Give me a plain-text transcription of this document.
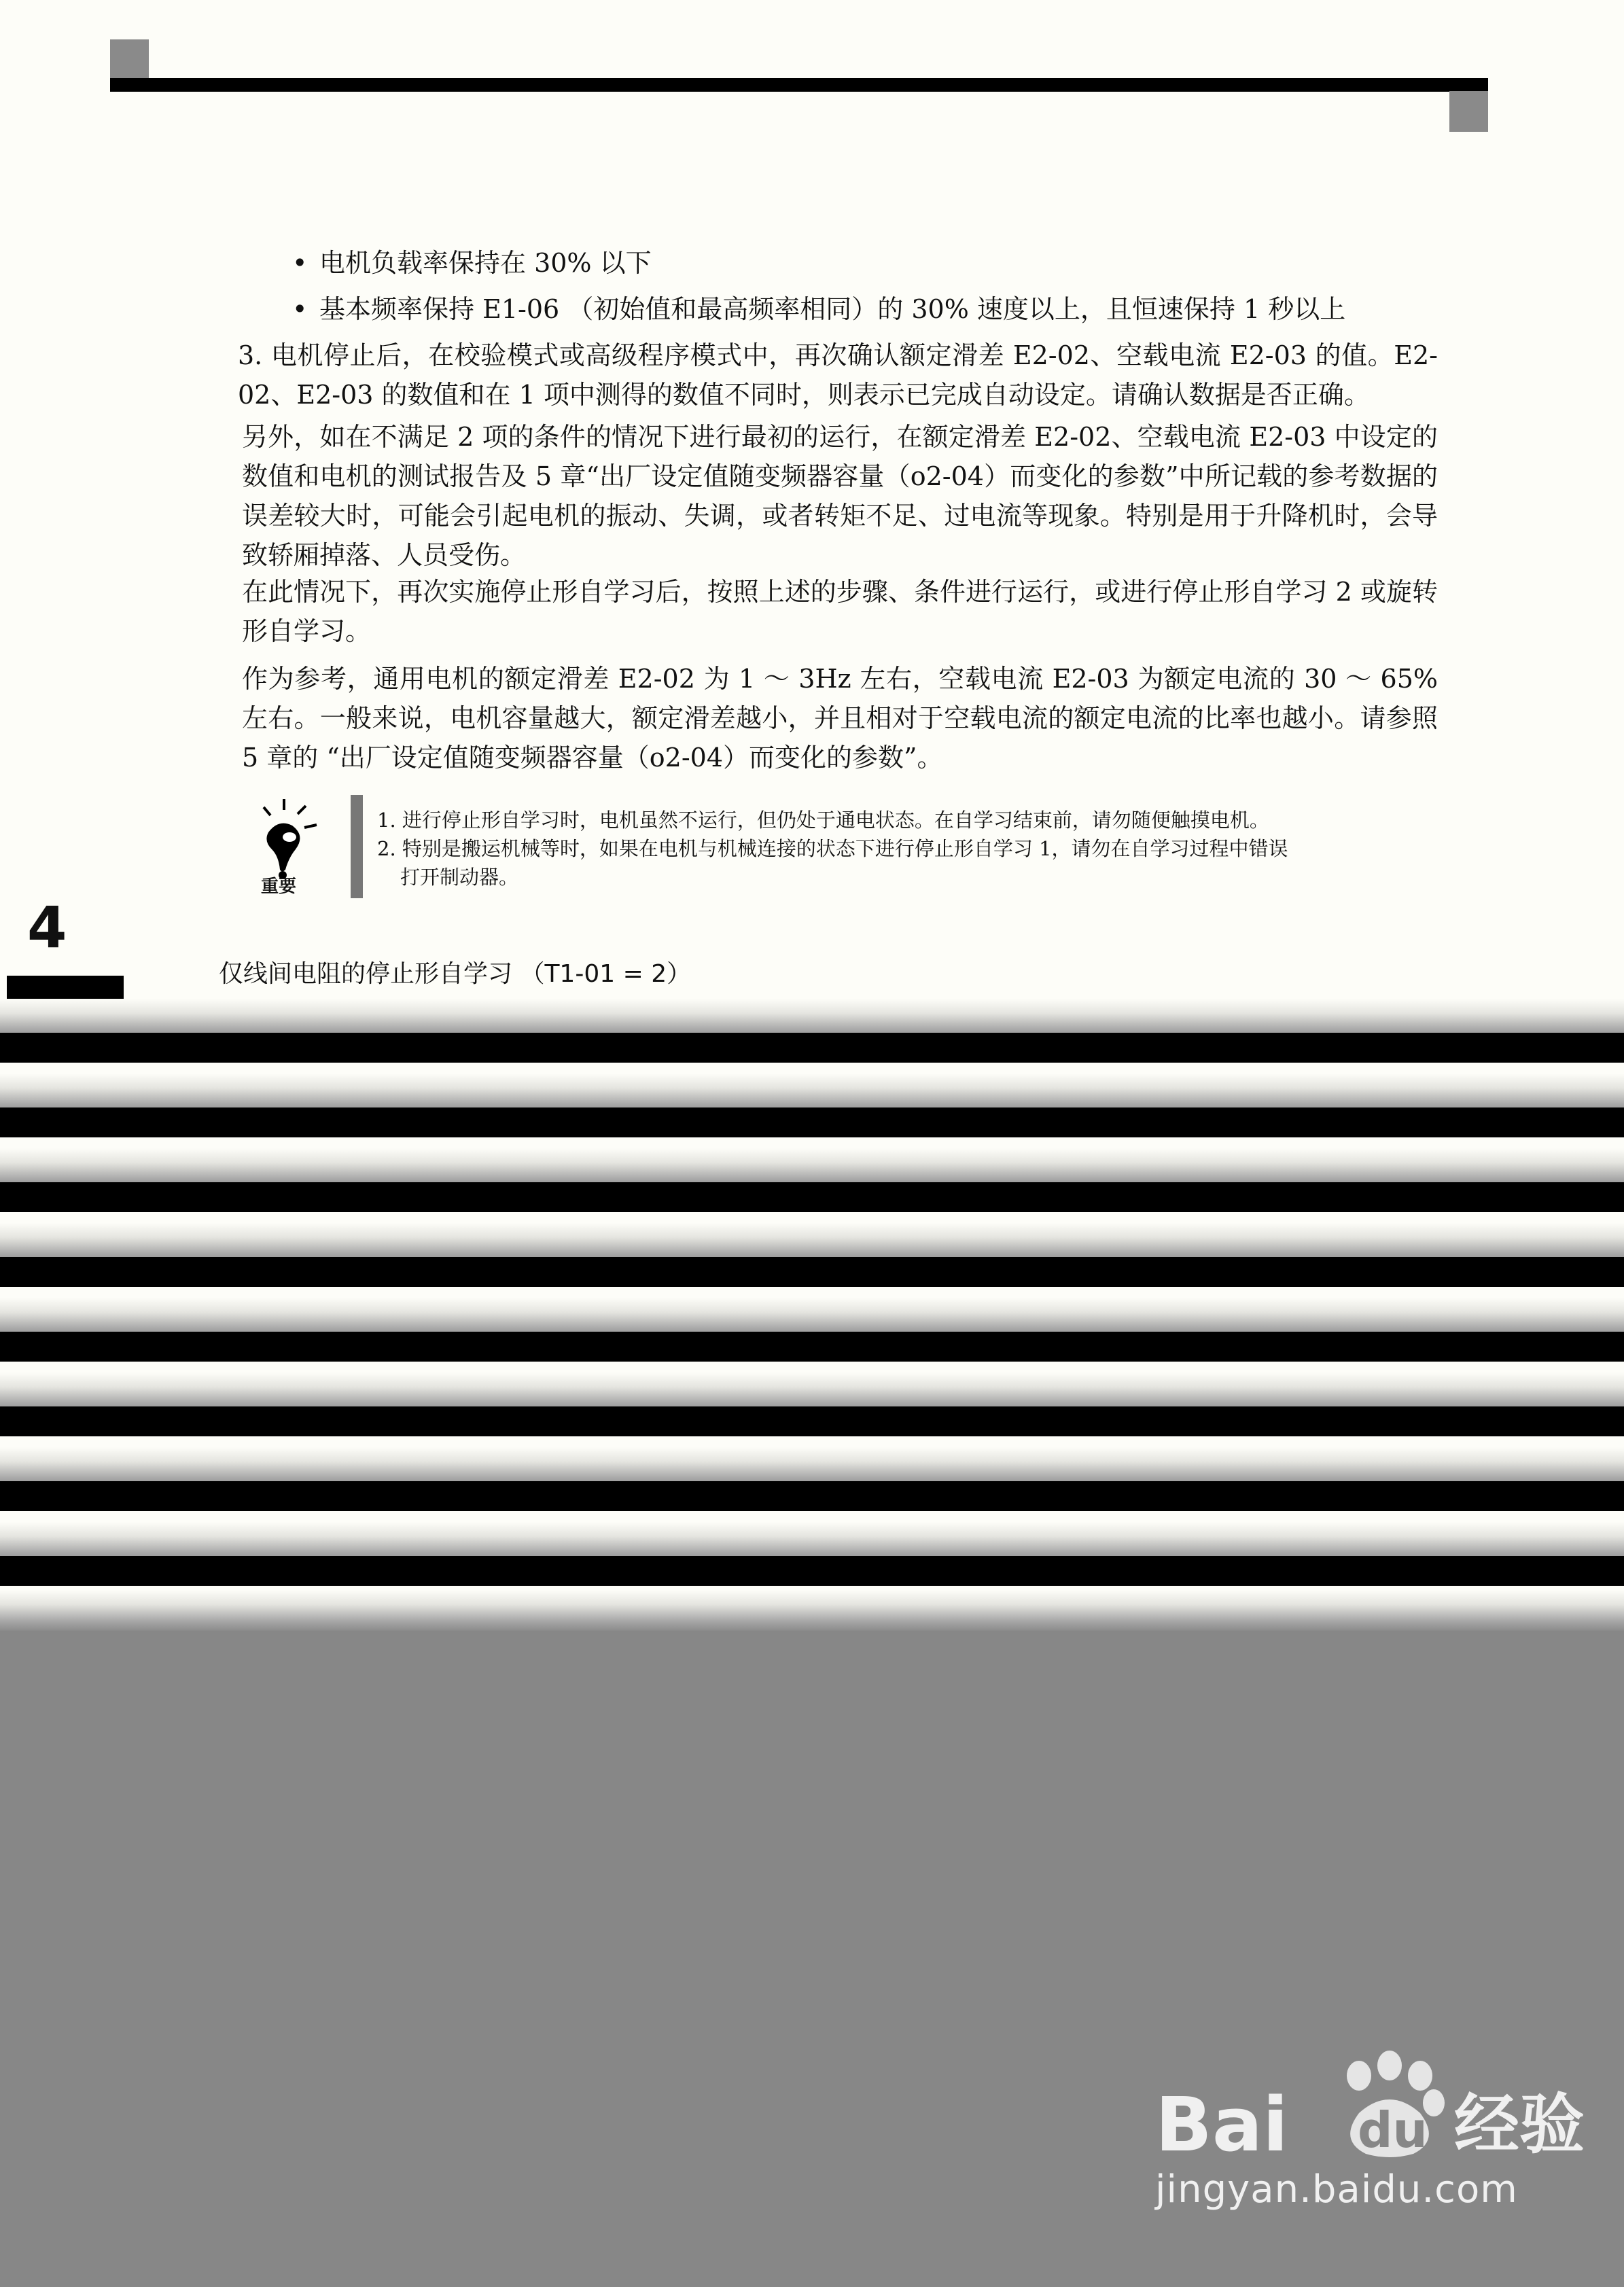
• 电机负载率保持在 30% 以下
• 基本频率保持 E1-06 （初始值和最高频率相同）的 30% 速度以上，且恒速保持 1 秒以上
3. 电机停止后，在校验模式或高级程序模式中，再次确认额定滑差 E2-02、空载电流 E2-03 的值。E2-02、E2-03 的数值和在 1 项中测得的数值不同时，则表示已完成自动设定。请确认数据是否正确。
另外，如在不满足 2 项的条件的情况下进行最初的运行，在额定滑差 E2-02、空载电流 E2-03 中设定的数值和电机的测试报告及 5 章“出厂设定值随变频器容量（o2-04）而变化的参数”中所记载的参考数据的误差较大时，可能会引起电机的振动、失调，或者转矩不足、过电流等现象。特别是用于升降机时，会导致轿厢掉落、人员受伤。
在此情况下，再次实施停止形自学习后，按照上述的步骤、条件进行运行，或进行停止形自学习 2 或旋转形自学习。
作为参考，通用电机的额定滑差 E2-02 为 1 ～ 3Hz 左右，空载电流 E2-03 为额定电流的 30 ～ 65% 左右。一般来说，电机容量越大，额定滑差越小，并且相对于空载电流的额定电流的比率也越小。请参照 5 章的 “出厂设定值随变频器容量（o2-04）而变化的参数”。
重要
1. 进行停止形自学习时，电机虽然不运行，但仍处于通电状态。在自学习结束前，请勿随便触摸电机。
2. 特别是搬运机械等时，如果在电机与机械连接的状态下进行停止形自学习 1，请勿在自学习过程中错误
打开制动器。
4
仅线间电阻的停止形自学习 （T1-01 = 2）
Bai du 经验
jingyan.baidu.com
